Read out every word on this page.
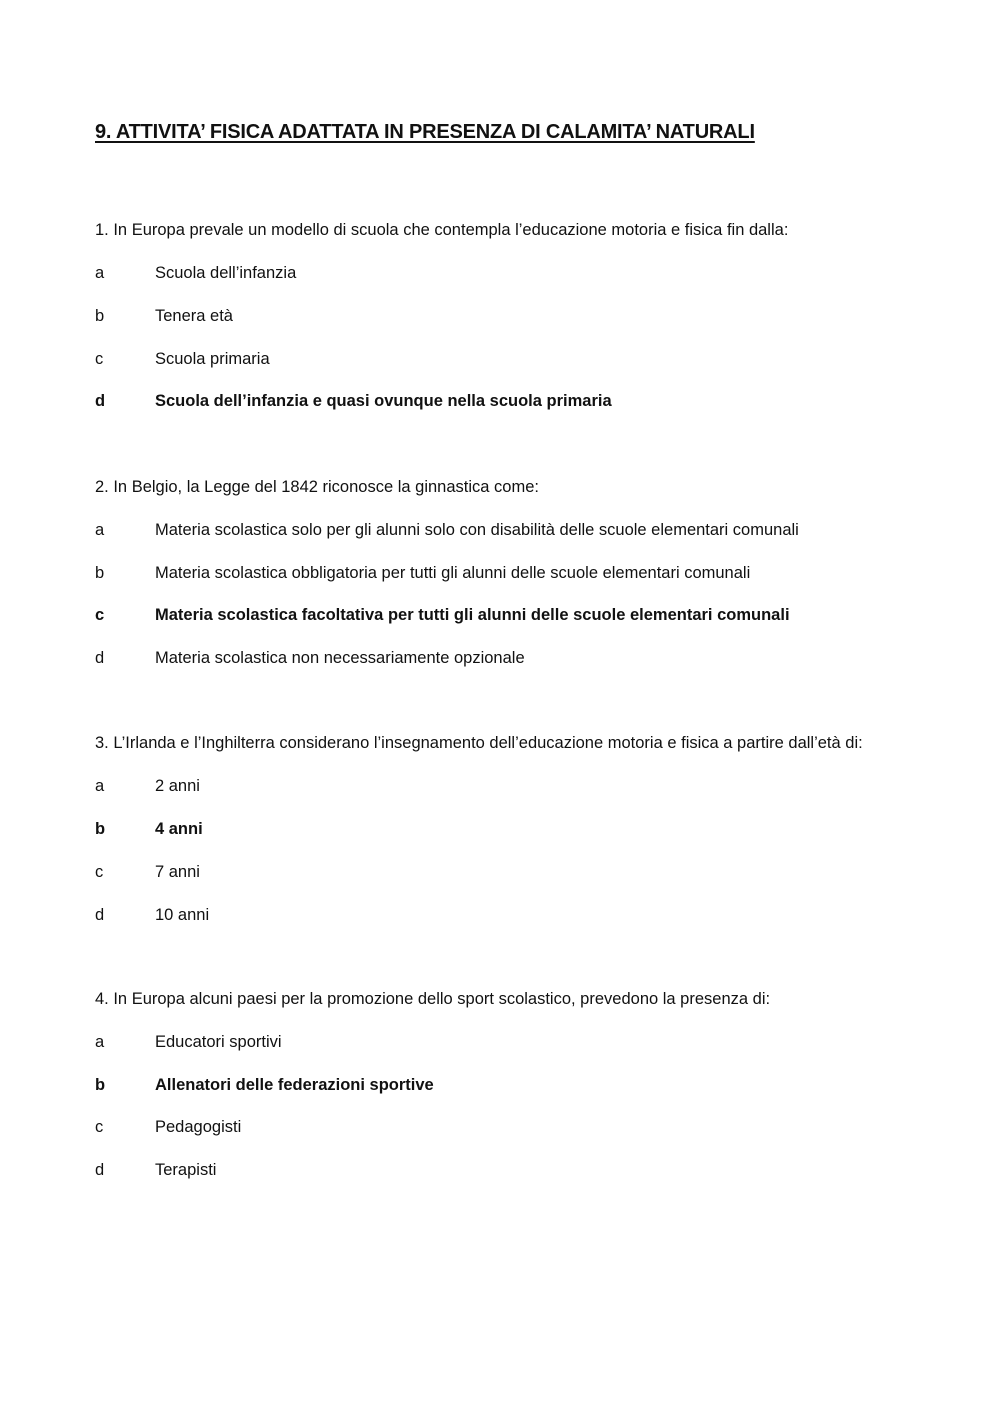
9. ATTIVITA’ FISICA ADATTATA IN PRESENZA DI CALAMITA’ NATURALI

1. In Europa prevale un modello di scuola che contempla l’educazione motoria e fisica fin dalla:

a	Scuola dell’infanzia
b	Tenera età
c	Scuola primaria
d	Scuola dell’infanzia e quasi ovunque nella scuola primaria

2. In Belgio, la Legge del 1842 riconosce la ginnastica come:

a	Materia scolastica solo per gli alunni solo con disabilità delle scuole elementari comunali
b	Materia scolastica obbligatoria per tutti gli alunni delle scuole elementari comunali
c	Materia scolastica facoltativa per tutti gli alunni delle scuole elementari comunali
d	Materia scolastica non necessariamente opzionale

3. L’Irlanda e l’Inghilterra considerano l’insegnamento dell’educazione motoria e fisica a partire dall’età di:

a	2 anni
b	4 anni
c	7 anni
d	10 anni

4. In Europa alcuni paesi per la promozione dello sport scolastico, prevedono la presenza di:

a	Educatori sportivi
b	Allenatori delle federazioni sportive
c	Pedagogisti
d	Terapisti
